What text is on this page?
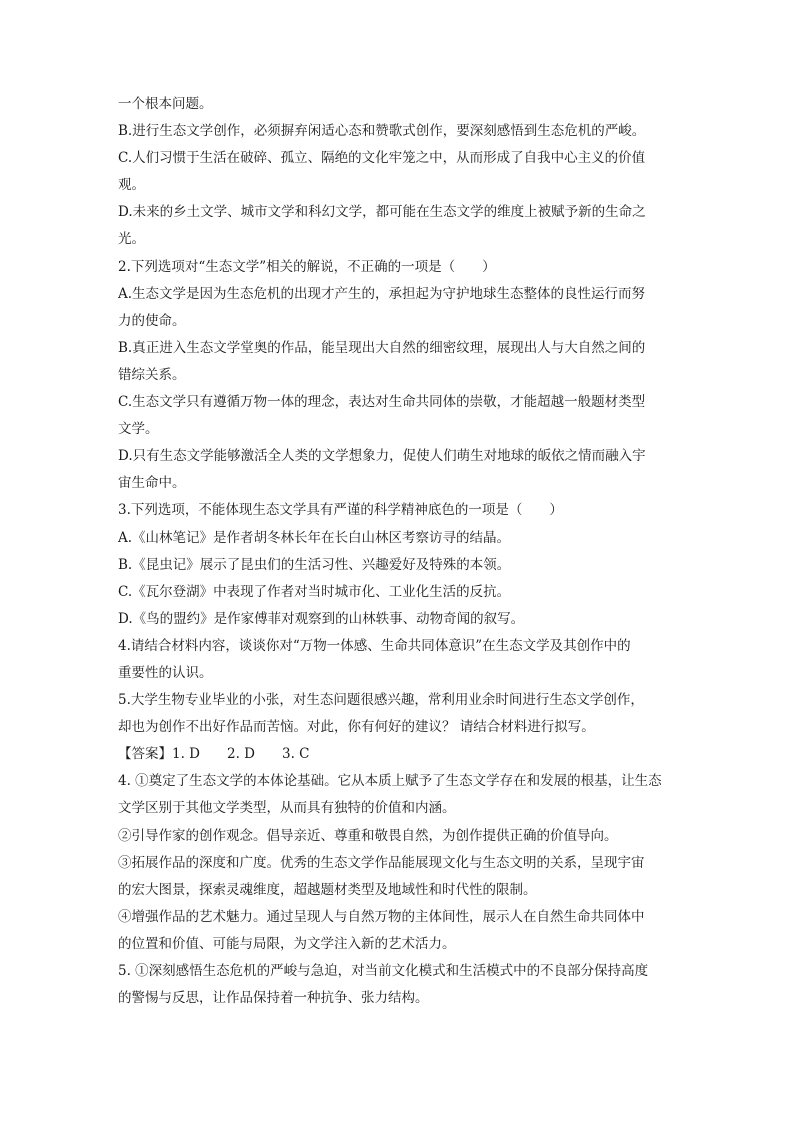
一个根本问题。
B.进行生态文学创作，必须摒弃闲适心态和赞歌式创作，要深刻感悟到生态危机的严峻。
C.人们习惯于生活在破碎、孤立、隔绝的文化牢笼之中，从而形成了自我中心主义的价值
观。
D.未来的乡土文学、城市文学和科幻文学，都可能在生态文学的维度上被赋予新的生命之
光。
2.下列选项对“生态文学”相关的解说，不正确的一项是（　　）
A.生态文学是因为生态危机的出现才产生的，承担起为守护地球生态整体的良性运行而努
力的使命。
B.真正进入生态文学堂奥的作品，能呈现出大自然的细密纹理，展现出人与大自然之间的
错综关系。
C.生态文学只有遵循万物一体的理念，表达对生命共同体的崇敬，才能超越一般题材类型
文学。
D.只有生态文学能够激活全人类的文学想象力，促使人们萌生对地球的皈依之情而融入宇
宙生命中。
3.下列选项，不能体现生态文学具有严谨的科学精神底色的一项是（　　）
A.《山林笔记》是作者胡冬林长年在长白山林区考察访寻的结晶。
B.《昆虫记》展示了昆虫们的生活习性、兴趣爱好及特殊的本领。
C.《瓦尔登湖》中表现了作者对当时城市化、工业化生活的反抗。
D.《鸟的盟约》是作家傅菲对观察到的山林轶事、动物奇闻的叙写。
4.请结合材料内容，谈谈你对“万物一体感、生命共同体意识”在生态文学及其创作中的
重要性的认识。
5.大学生物专业毕业的小张，对生态问题很感兴趣，常利用业余时间进行生态文学创作，
却也为创作不出好作品而苦恼。对此，你有何好的建议？ 请结合材料进行拟写。
【答案】1. D　　2. D　　3. C
4. ①奠定了生态文学的本体论基础。它从本质上赋予了生态文学存在和发展的根基，让生态
文学区别于其他文学类型，从而具有独特的价值和内涵。
②引导作家的创作观念。倡导亲近、尊重和敬畏自然，为创作提供正确的价值导向。
③拓展作品的深度和广度。优秀的生态文学作品能展现文化与生态文明的关系，呈现宇宙
的宏大图景，探索灵魂维度，超越题材类型及地域性和时代性的限制。
④增强作品的艺术魅力。通过呈现人与自然万物的主体间性，展示人在自然生命共同体中
的位置和价值、可能与局限，为文学注入新的艺术活力。
5. ①深刻感悟生态危机的严峻与急迫，对当前文化模式和生活模式中的不良部分保持高度
的警惕与反思，让作品保持着一种抗争、张力结构。
